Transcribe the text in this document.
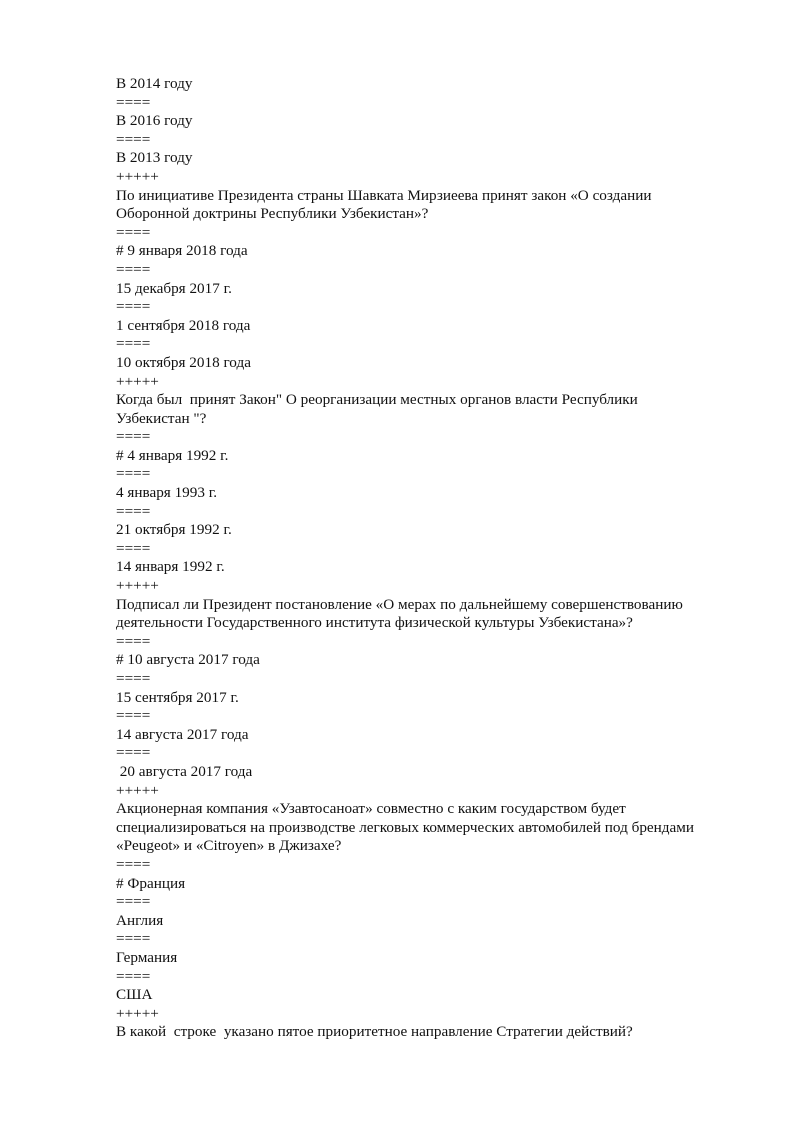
В 2014 году

====

В 2016 году

====

В 2013 году

+++++

По инициативе Президента страны Шавката Мирзиеева принят закон «О создании

Оборонной доктрины Республики Узбекистан»?

====

# 9 января 2018 года

====

15 декабря 2017 г.

====

1 сентября 2018 года

====

10 октября 2018 года

+++++

Когда был  принят Закон" О реорганизации местных органов власти Республики

Узбекистан "?

====

# 4 января 1992 г.

====

4 января 1993 г.

====

21 октября 1992 г.

====

14 января 1992 г.

+++++

Подписал ли Президент постановление «О мерах по дальнейшему совершенствованию

деятельности Государственного института физической культуры Узбекистана»?

====

# 10 августа 2017 года

====

15 сентября 2017 г.

====

14 августа 2017 года

====

20 августа 2017 года

+++++

Акционерная компания «Узавтосаноат» совместно с каким государством будет

специализироваться на производстве легковых коммерческих автомобилей под брендами

«Peugeot» и «Citroyen» в Джизахе?

====

# Франция

====

Англия

====

Германия

====

США

+++++

В какой  строке  указано пятое приоритетное направление Стратегии действий?
